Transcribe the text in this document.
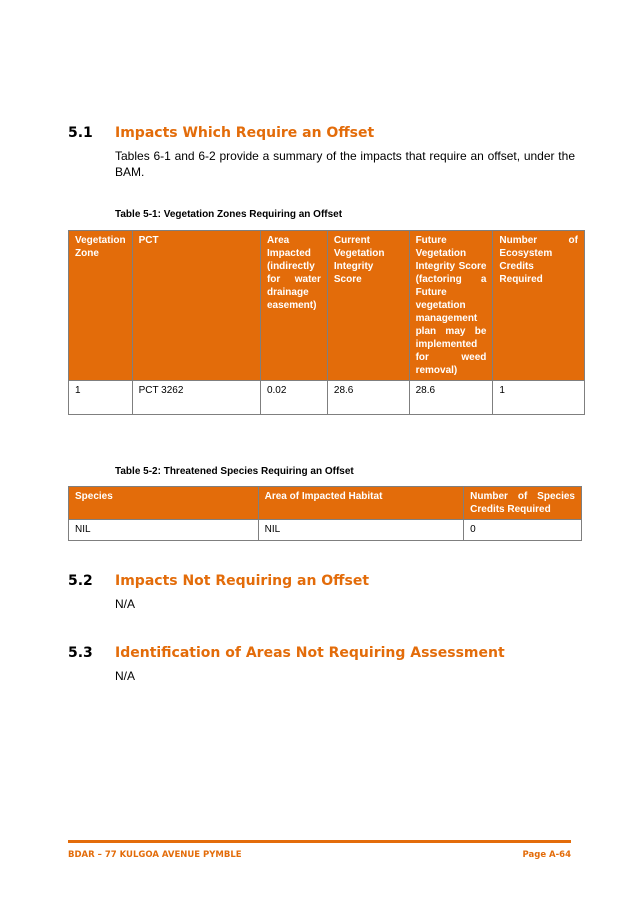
5.1 Impacts Which Require an Offset
Tables 6-1 and 6-2 provide a summary of the impacts that require an offset, under the BAM.
Table 5-1: Vegetation Zones Requiring an Offset
Vegetation Zone	PCT	Area Impacted (indirectly for water drainage easement)	Current Vegetation Integrity Score	Future Vegetation Integrity Score (factoring a Future vegetation management plan may be implemented for weed removal)	Number of Ecosystem Credits Required
1	PCT 3262	0.02	28.6	28.6	1
Table 5-2: Threatened Species Requiring an Offset
Species	Area of Impacted Habitat	Number of Species Credits Required
NIL	NIL	0
5.2 Impacts Not Requiring an Offset
N/A
5.3 Identification of Areas Not Requiring Assessment
N/A
BDAR – 77 KULGOA AVENUE PYMBLE	Page A-64
